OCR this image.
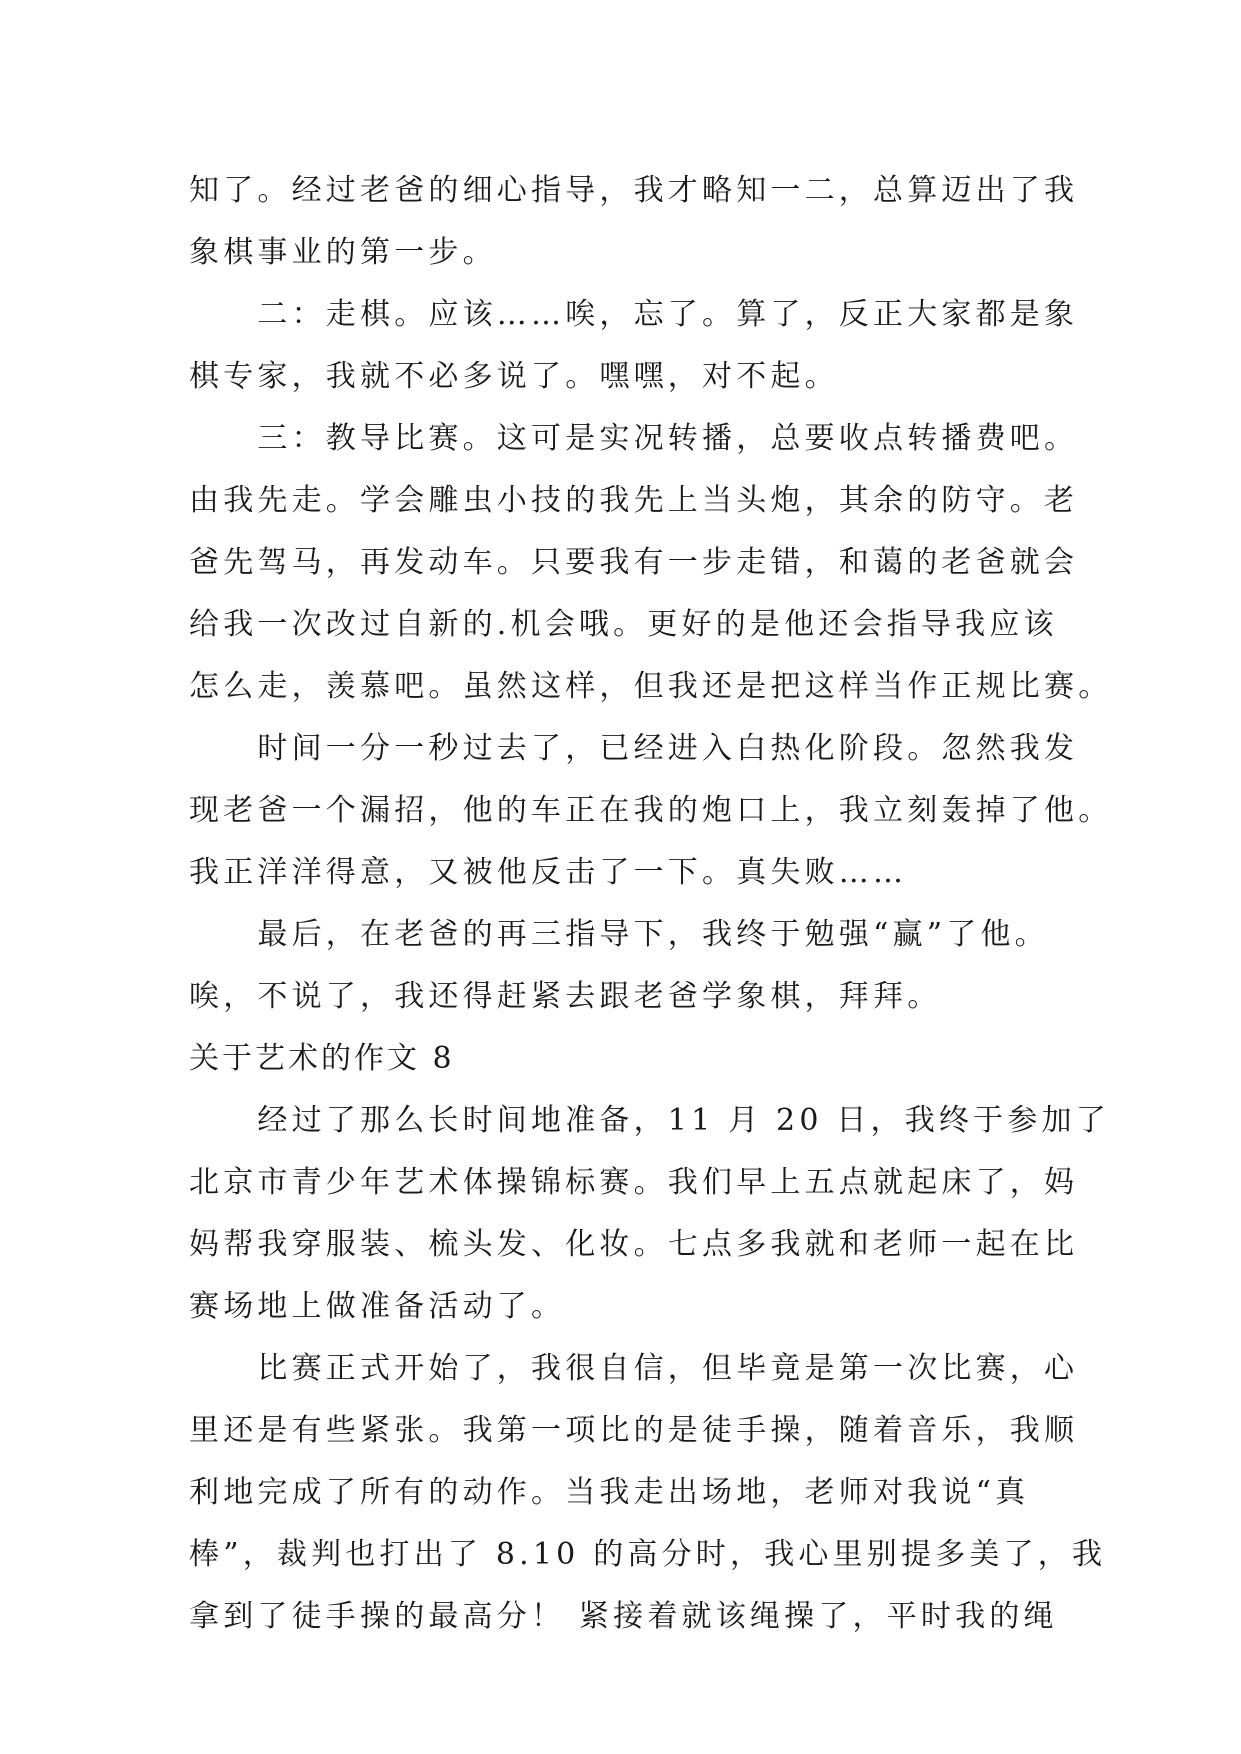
知了。经过老爸的细心指导，我才略知一二，总算迈出了我
象棋事业的第一步。
　　二：走棋。应该……唉，忘了。算了，反正大家都是象
棋专家，我就不必多说了。嘿嘿，对不起。
　　三：教导比赛。这可是实况转播，总要收点转播费吧。
由我先走。学会雕虫小技的我先上当头炮，其余的防守。老
爸先驾马，再发动车。只要我有一步走错，和蔼的老爸就会
给我一次改过自新的.机会哦。更好的是他还会指导我应该
怎么走，羡慕吧。虽然这样，但我还是把这样当作正规比赛。
　　时间一分一秒过去了，已经进入白热化阶段。忽然我发
现老爸一个漏招，他的车正在我的炮口上，我立刻轰掉了他。
我正洋洋得意，又被他反击了一下。真失败……
　　最后，在老爸的再三指导下，我终于勉强“赢”了他。
唉，不说了，我还得赶紧去跟老爸学象棋，拜拜。
关于艺术的作文 8
　　经过了那么长时间地准备，11 月 20 日，我终于参加了
北京市青少年艺术体操锦标赛。我们早上五点就起床了，妈
妈帮我穿服装、梳头发、化妆。七点多我就和老师一起在比
赛场地上做准备活动了。
　　比赛正式开始了，我很自信，但毕竟是第一次比赛，心
里还是有些紧张。我第一项比的是徒手操，随着音乐，我顺
利地完成了所有的动作。当我走出场地，老师对我说“真
棒”，裁判也打出了 8.10 的高分时，我心里别提多美了，我
拿到了徒手操的最高分！ 紧接着就该绳操了，平时我的绳
